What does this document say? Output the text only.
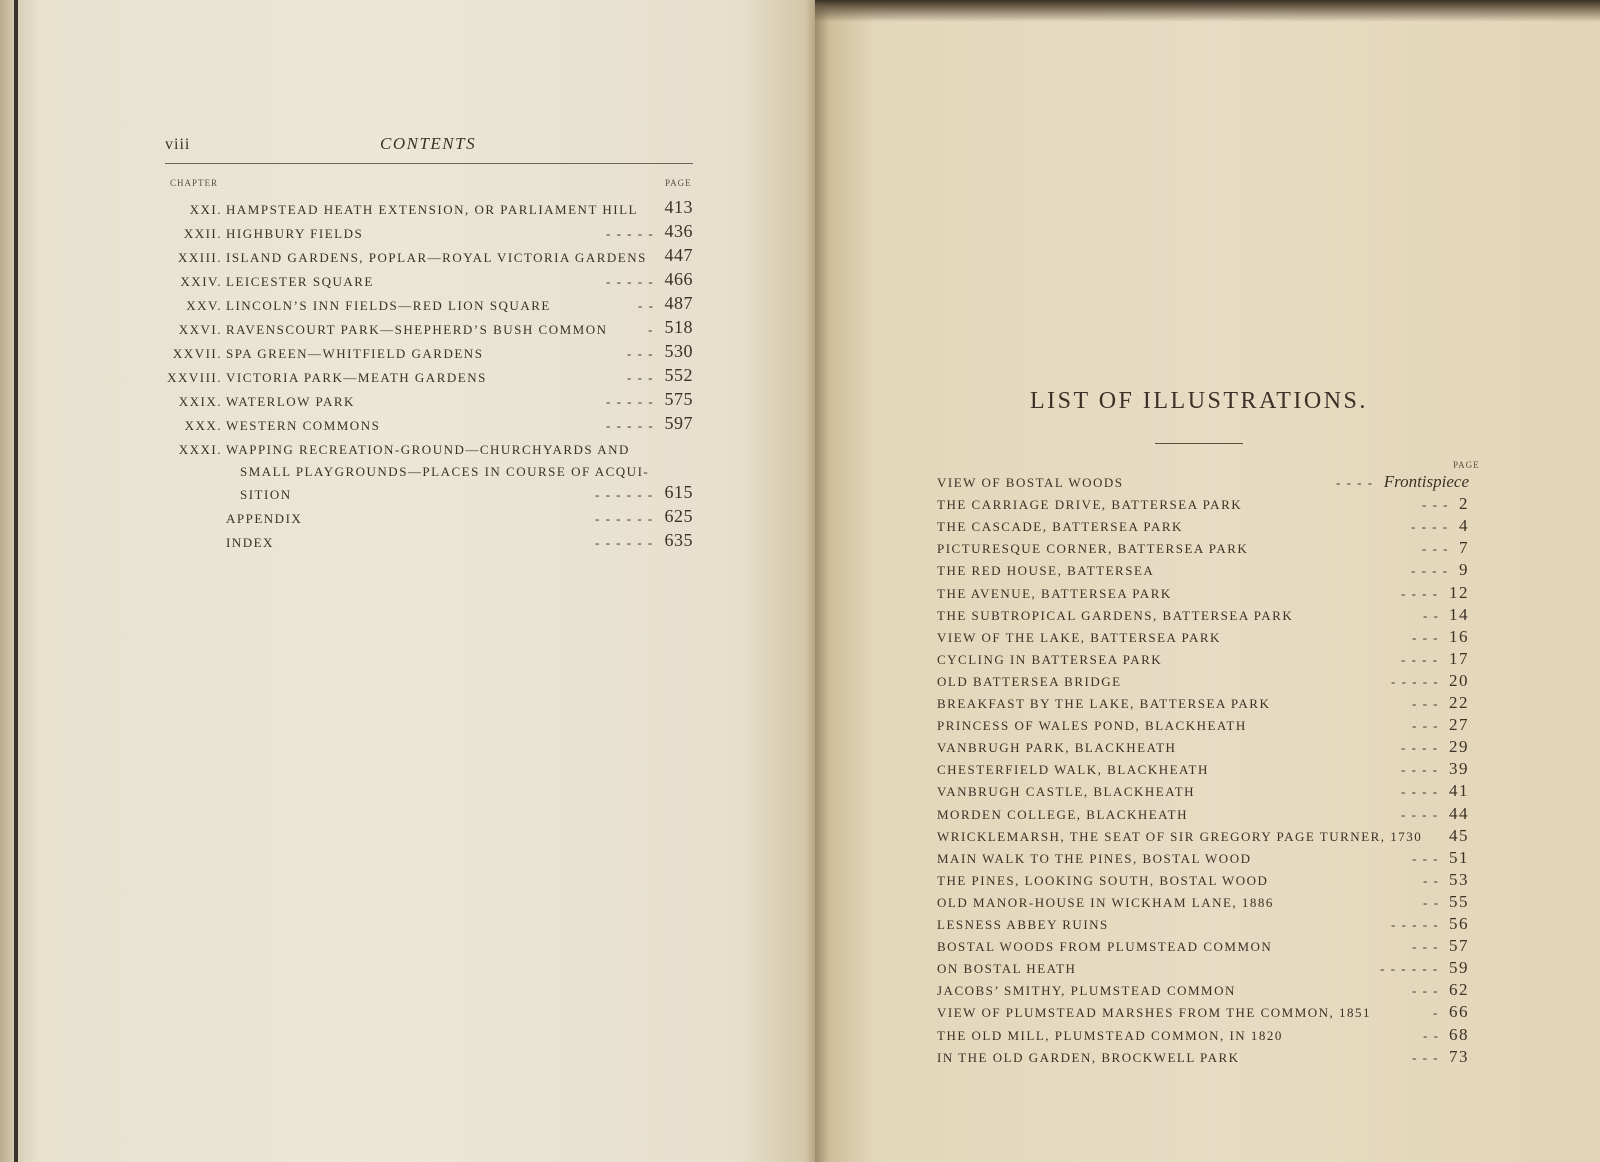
viii	CONTENTS
CHAPTER	PAGE
XXI. HAMPSTEAD HEATH EXTENSION, OR PARLIAMENT HILL 413
XXII. HIGHBURY FIELDS	- - - - - 436
XXIII. ISLAND GARDENS, POPLAR—ROYAL VICTORIA GARDENS 447
XXIV. LEICESTER SQUARE	- - - - - 466
XXV. LINCOLN’S INN FIELDS—RED LION SQUARE	- - 487
XXVI. RAVENSCOURT PARK—SHEPHERD’S BUSH COMMON	- 518
XXVII. SPA GREEN—WHITFIELD GARDENS	- - - 530
XXVIII. VICTORIA PARK—MEATH GARDENS	- - - 552
XXIX. WATERLOW PARK	- - - - - 575
XXX. WESTERN COMMONS	- - - - - 597
XXXI. WAPPING RECREATION-GROUND—CHURCHYARDS AND
SMALL PLAYGROUNDS—PLACES IN COURSE OF ACQUI-
SITION	- - - - - - 615
APPENDIX	- - - - - - 625
INDEX	- - - - - - 635
LIST OF ILLUSTRATIONS.
PAGE
VIEW OF BOSTAL WOODS	- - - - Frontispiece
THE CARRIAGE DRIVE, BATTERSEA PARK	- - - 2
THE CASCADE, BATTERSEA PARK	- - - - 4
PICTURESQUE CORNER, BATTERSEA PARK	- - - 7
THE RED HOUSE, BATTERSEA	- - - - 9
THE AVENUE, BATTERSEA PARK	- - - - 12
THE SUBTROPICAL GARDENS, BATTERSEA PARK	- - 14
VIEW OF THE LAKE, BATTERSEA PARK	- - - 16
CYCLING IN BATTERSEA PARK	- - - - 17
OLD BATTERSEA BRIDGE	- - - - - 20
BREAKFAST BY THE LAKE, BATTERSEA PARK	- - - 22
PRINCESS OF WALES POND, BLACKHEATH	- - - 27
VANBRUGH PARK, BLACKHEATH	- - - - 29
CHESTERFIELD WALK, BLACKHEATH	- - - - 39
VANBRUGH CASTLE, BLACKHEATH	- - - - 41
MORDEN COLLEGE, BLACKHEATH	- - - - 44
WRICKLEMARSH, THE SEAT OF SIR GREGORY PAGE TURNER, 1730 45
MAIN WALK TO THE PINES, BOSTAL WOOD	- - - 51
THE PINES, LOOKING SOUTH, BOSTAL WOOD	- - 53
OLD MANOR-HOUSE IN WICKHAM LANE, 1886	- - 55
LESNESS ABBEY RUINS	- - - - - 56
BOSTAL WOODS FROM PLUMSTEAD COMMON	- - - 57
ON BOSTAL HEATH	- - - - - - 59
JACOBS’ SMITHY, PLUMSTEAD COMMON	- - - 62
VIEW OF PLUMSTEAD MARSHES FROM THE COMMON, 1851	- 66
THE OLD MILL, PLUMSTEAD COMMON, IN 1820	- - 68
IN THE OLD GARDEN, BROCKWELL PARK	- - - 73
